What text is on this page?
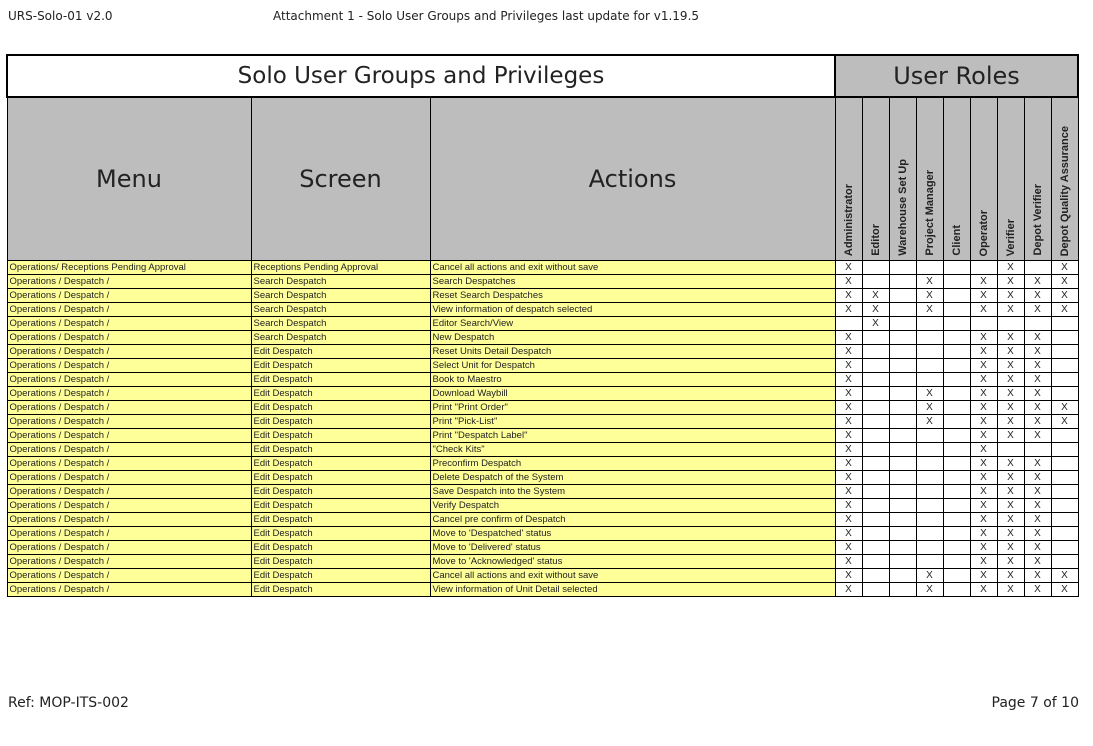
URS-Solo-01 v2.0	Attachment 1 - Solo User Groups and Privileges last update for v1.19.5
Solo User Groups and Privileges			User Roles								
Menu	Screen	Actions	Administrator	Editor	Warehouse Set Up	Project Manager	Client	Operator	Verifier	Depot Verifier	Depot Quality Assurance

Operations/ Receptions Pending Approval	Receptions Pending Approval	Cancel all actions and exit without save	X						X		X
Operations / Despatch /	Search Despatch	Search Despatches	X			X		X	X	X	X
Operations / Despatch /	Search Despatch	Reset Search Despatches	X	X		X		X	X	X	X
Operations / Despatch /	Search Despatch	View information of despatch selected	X	X		X		X	X	X	X
Operations / Despatch /	Search Despatch	Editor Search/View		X							
Operations / Despatch /	Search Despatch	New Despatch	X					X	X	X	
Operations / Despatch /	Edit Despatch	Reset Units Detail Despatch	X					X	X	X	
Operations / Despatch /	Edit Despatch	Select Unit for Despatch	X					X	X	X	
Operations / Despatch /	Edit Despatch	Book to Maestro	X					X	X	X	
Operations / Despatch /	Edit Despatch	Download Waybill	X			X		X	X	X	
Operations / Despatch /	Edit Despatch	Print "Print Order"	X			X		X	X	X	X
Operations / Despatch /	Edit Despatch	Print "Pick-List"	X			X		X	X	X	X
Operations / Despatch /	Edit Despatch	Print "Despatch Label"	X					X	X	X	
Operations / Despatch /	Edit Despatch	"Check Kits"	X					X			
Operations / Despatch /	Edit Despatch	Preconfirm Despatch	X					X	X	X	
Operations / Despatch /	Edit Despatch	Delete Despatch of the System	X					X	X	X	
Operations / Despatch /	Edit Despatch	Save Despatch into the System	X					X	X	X	
Operations / Despatch /	Edit Despatch	Verify Despatch	X					X	X	X	
Operations / Despatch /	Edit Despatch	Cancel pre confirm of Despatch	X					X	X	X	
Operations / Despatch /	Edit Despatch	Move to 'Despatched' status	X					X	X	X	
Operations / Despatch /	Edit Despatch	Move to 'Delivered' status	X					X	X	X	
Operations / Despatch /	Edit Despatch	Move to 'Acknowledged' status	X					X	X	X	
Operations / Despatch /	Edit Despatch	Cancel all actions and exit without save	X			X		X	X	X	X
Operations / Despatch /	Edit Despatch	View information of Unit Detail selected	X			X		X	X	X	X
Ref: MOP-ITS-002	Page 7 of 10
